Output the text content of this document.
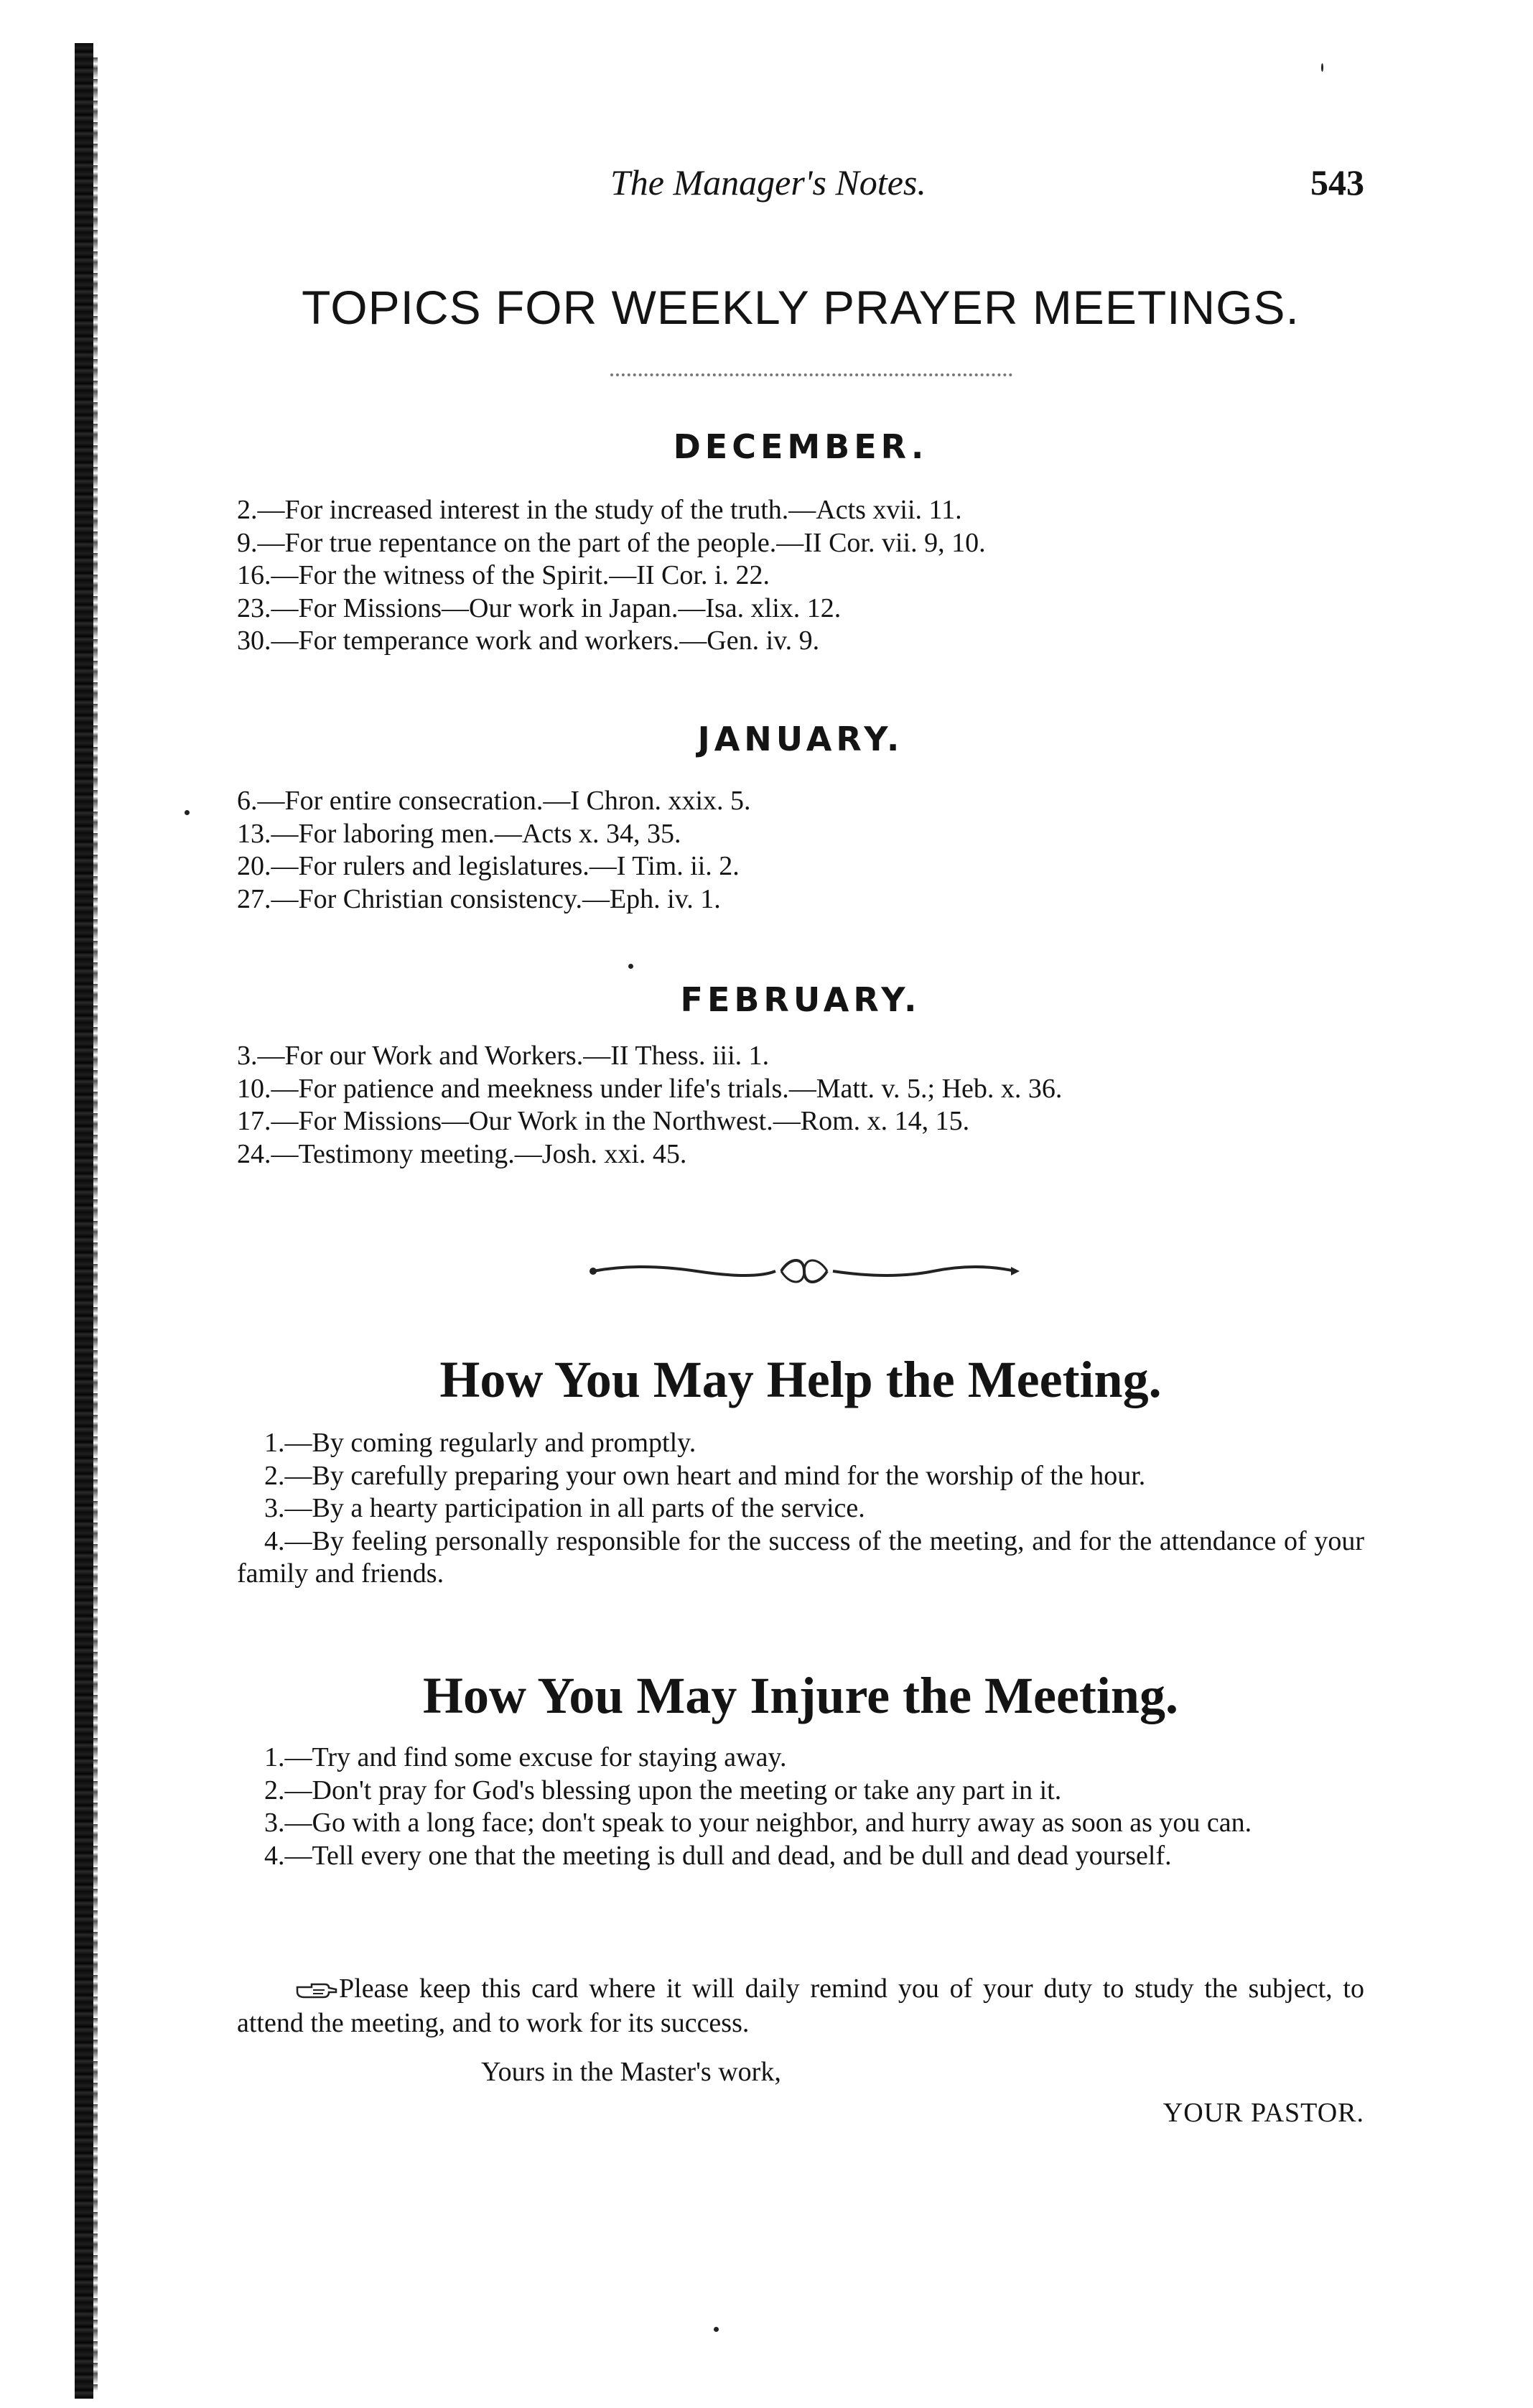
The Manager's Notes.	543
TOPICS FOR WEEKLY PRAYER MEETINGS.
DECEMBER.
2.—For increased interest in the study of the truth.—Acts xvii. 11.
9.—For true repentance on the part of the people.—II Cor. vii. 9, 10.
16.—For the witness of the Spirit.—II Cor. i. 22.
23.—For Missions—Our work in Japan.—Isa. xlix. 12.
30.—For temperance work and workers.—Gen. iv. 9.
JANUARY.
6.—For entire consecration.—I Chron. xxix. 5.
13.—For laboring men.—Acts x. 34, 35.
20.—For rulers and legislatures.—I Tim. ii. 2.
27.—For Christian consistency.—Eph. iv. 1.
FEBRUARY.
3.—For our Work and Workers.—II Thess. iii. 1.
10.—For patience and meekness under life's trials.—Matt. v. 5.; Heb. x. 36.
17.—For Missions—Our Work in the Northwest.—Rom. x. 14, 15.
24.—Testimony meeting.—Josh. xxi. 45.
How You May Help the Meeting.
1.—By coming regularly and promptly.
2.—By carefully preparing your own heart and mind for the worship of the hour.
3.—By a hearty participation in all parts of the service.
4.—By feeling personally responsible for the success of the meeting, and for the attendance of your family and friends.
How You May Injure the Meeting.
1.—Try and find some excuse for staying away.
2.—Don't pray for God's blessing upon the meeting or take any part in it.
3.—Go with a long face; don't speak to your neighbor, and hurry away as soon as you can.
4.—Tell every one that the meeting is dull and dead, and be dull and dead yourself.
Please keep this card where it will daily remind you of your duty to study the subject, to attend the meeting, and to work for its success.
Yours in the Master's work,
YOUR PASTOR.
